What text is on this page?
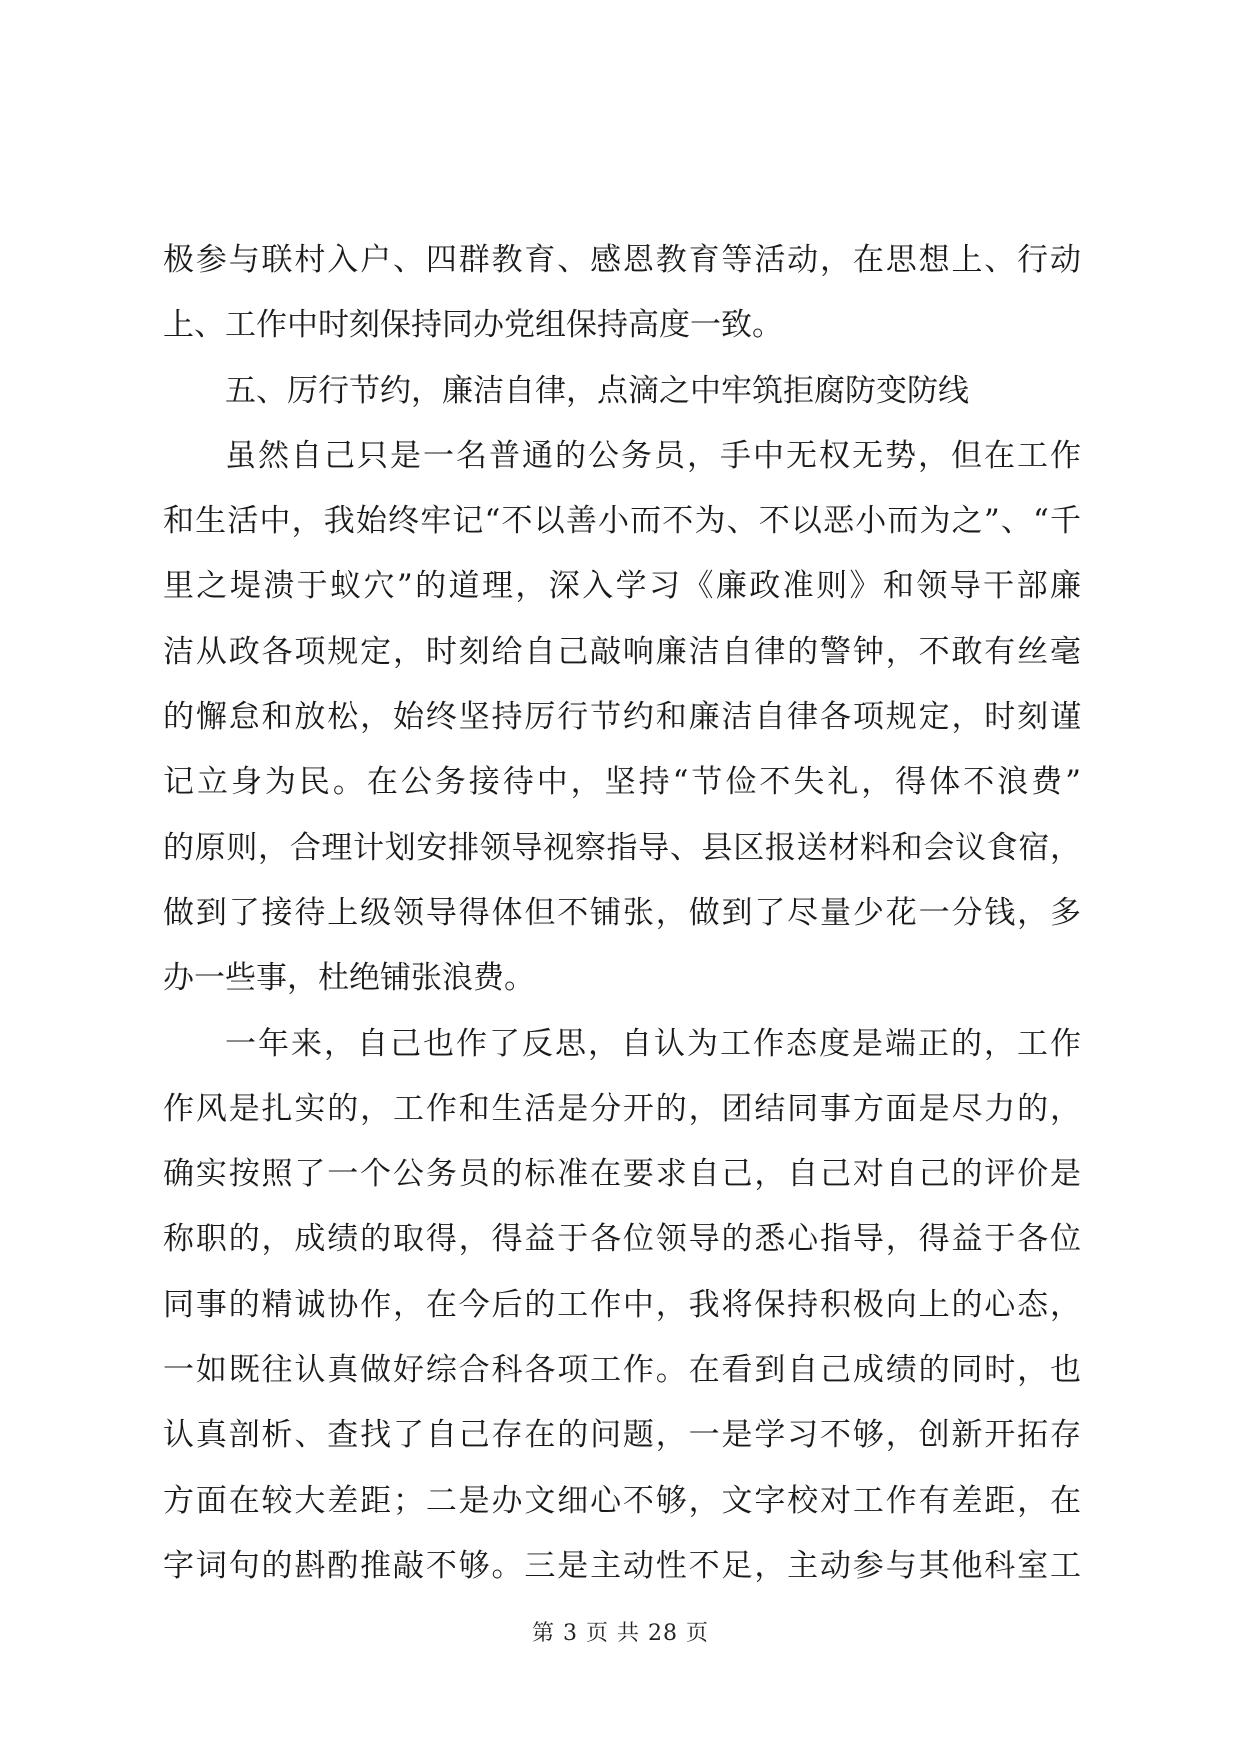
极参与联村入户、四群教育、感恩教育等活动，在思想上、行动
上、工作中时刻保持同办党组保持高度一致。
五、厉行节约，廉洁自律，点滴之中牢筑拒腐防变防线
虽然自己只是一名普通的公务员，手中无权无势，但在工作
和生活中，我始终牢记“不以善小而不为、不以恶小而为之”、“千
里之堤溃于蚁穴”的道理，深入学习《廉政准则》和领导干部廉
洁从政各项规定，时刻给自己敲响廉洁自律的警钟，不敢有丝毫
的懈怠和放松，始终坚持厉行节约和廉洁自律各项规定，时刻谨
记立身为民。在公务接待中，坚持“节俭不失礼，得体不浪费”
的原则，合理计划安排领导视察指导、县区报送材料和会议食宿，
做到了接待上级领导得体但不铺张，做到了尽量少花一分钱，多
办一些事，杜绝铺张浪费。
一年来，自己也作了反思，自认为工作态度是端正的，工作
作风是扎实的，工作和生活是分开的，团结同事方面是尽力的，
确实按照了一个公务员的标准在要求自己，自己对自己的评价是
称职的，成绩的取得，得益于各位领导的悉心指导，得益于各位
同事的精诚协作，在今后的工作中，我将保持积极向上的心态，
一如既往认真做好综合科各项工作。在看到自己成绩的同时，也
认真剖析、查找了自己存在的问题，一是学习不够，创新开拓存
方面在较大差距；二是办文细心不够，文字校对工作有差距，在
字词句的斟酌推敲不够。三是主动性不足，主动参与其他科室工
第 3 页 共 28 页
